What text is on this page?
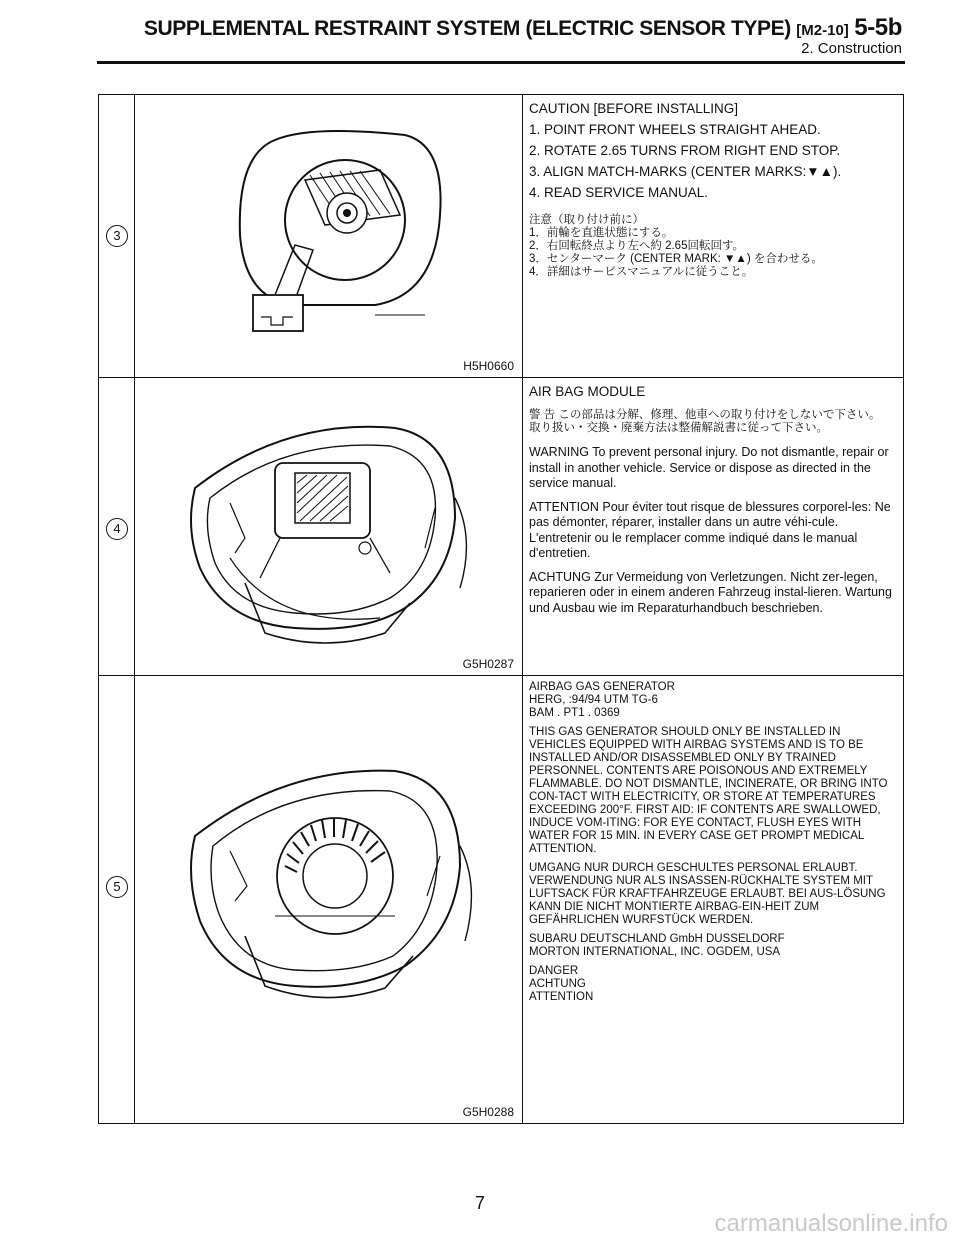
SUPPLEMENTAL RESTRAINT SYSTEM (ELECTRIC SENSOR TYPE) [M2-10] 5-5b
2. Construction
3
H5H0660

CAUTION [BEFORE INSTALLING]

1. POINT FRONT WHEELS STRAIGHT AHEAD.

2. ROTATE 2.65 TURNS FROM RIGHT END STOP.

3. ALIGN MATCH-MARKS (CENTER MARKS:▼▲).

4. READ SERVICE MANUAL.

注意（取り付け前に）

1．前輪を直進状態にする。

2．右回転終点より左へ約 2.65回転回す。

3．センターマーク (CENTER MARK: ▼▲) を合わせる。

4．詳細はサービスマニュアルに従うこと。

4
G5H0287

AIR BAG MODULE

警 告 この部品は分解、修理、他車への取り付けをしないで下さい。

取り扱い・交換・廃棄方法は整備解説書に従って下さい。

WARNING To prevent personal injury. Do not dismantle, repair or install in another vehicle. Service or dispose as directed in the service manual.

ATTENTION Pour éviter tout risque de blessures corporel-les: Ne pas démonter, réparer, installer dans un autre véhi-cule. L'entretenir ou le remplacer comme indiqué dans le manual d'entretien.

ACHTUNG Zur Vermeidung von Verletzungen. Nicht zer-legen, reparieren oder in einem anderen Fahrzeug instal-lieren. Wartung und Ausbau wie im Reparaturhandbuch beschrieben.

5
G5H0288

AIRBAG GAS GENERATOR
HERG, :94/94 UTM TG-6
BAM . PT1 . 0369

THIS GAS GENERATOR SHOULD ONLY BE INSTALLED IN VEHICLES EQUIPPED WITH AIRBAG SYSTEMS AND IS TO BE INSTALLED AND/OR DISASSEMBLED ONLY BY TRAINED PERSONNEL. CONTENTS ARE POISONOUS AND EXTREMELY FLAMMABLE. DO NOT DISMANTLE, INCINERATE, OR BRING INTO CON-TACT WITH ELECTRICITY, OR STORE AT TEMPERATURES EXCEEDING 200°F. FIRST AID: IF CONTENTS ARE SWALLOWED, INDUCE VOM-ITING: FOR EYE CONTACT, FLUSH EYES WITH WATER FOR 15 MIN. IN EVERY CASE GET PROMPT MEDICAL ATTENTION.

UMGANG NUR DURCH GESCHULTES PERSONAL ERLAUBT. VERWENDUNG NUR ALS INSASSEN-RÜCKHALTE SYSTEM MIT LUFTSACK FÜR KRAFTFAHRZEUGE ERLAUBT. BEI AUS-LÖSUNG KANN DIE NICHT MONTIERTE AIRBAG-EIN-HEIT ZUM GEFÄHRLICHEN WURFSTÜCK WERDEN.

SUBARU DEUTSCHLAND GmbH DUSSELDORF
MORTON INTERNATIONAL, INC. OGDEM, USA

DANGER
ACHTUNG
ATTENTION

7
carmanualsonline.info
